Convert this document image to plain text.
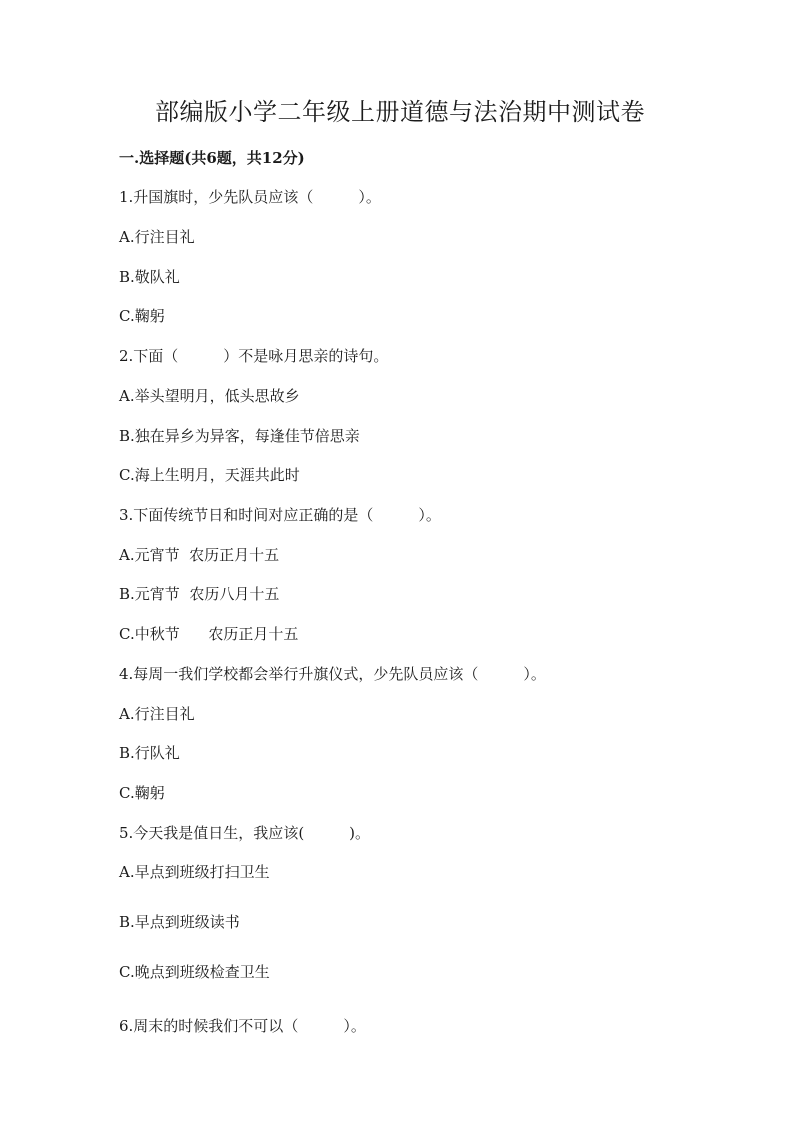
部编版小学二年级上册道德与法治期中测试卷
一.选择题(共6题，共12分)

1.升国旗时，少先队员应该（　　　）。

A.行注目礼

B.敬队礼

C.鞠躬

2.下面（　　　）不是咏月思亲的诗句。

A.举头望明月，低头思故乡

B.独在异乡为异客，每逢佳节倍思亲

C.海上生明月，天涯共此时

3.下面传统节日和时间对应正确的是（　　　）。

A.元宵节  农历正月十五

B.元宵节  农历八月十五

C.中秋节      农历正月十五

4.每周一我们学校都会举行升旗仪式，少先队员应该（　　　）。

A.行注目礼

B.行队礼

C.鞠躬

5.今天我是值日生，我应该(　　　)。

A.早点到班级打扫卫生

B.早点到班级读书

C.晚点到班级检查卫生

6.周末的时候我们不可以（　　　）。
